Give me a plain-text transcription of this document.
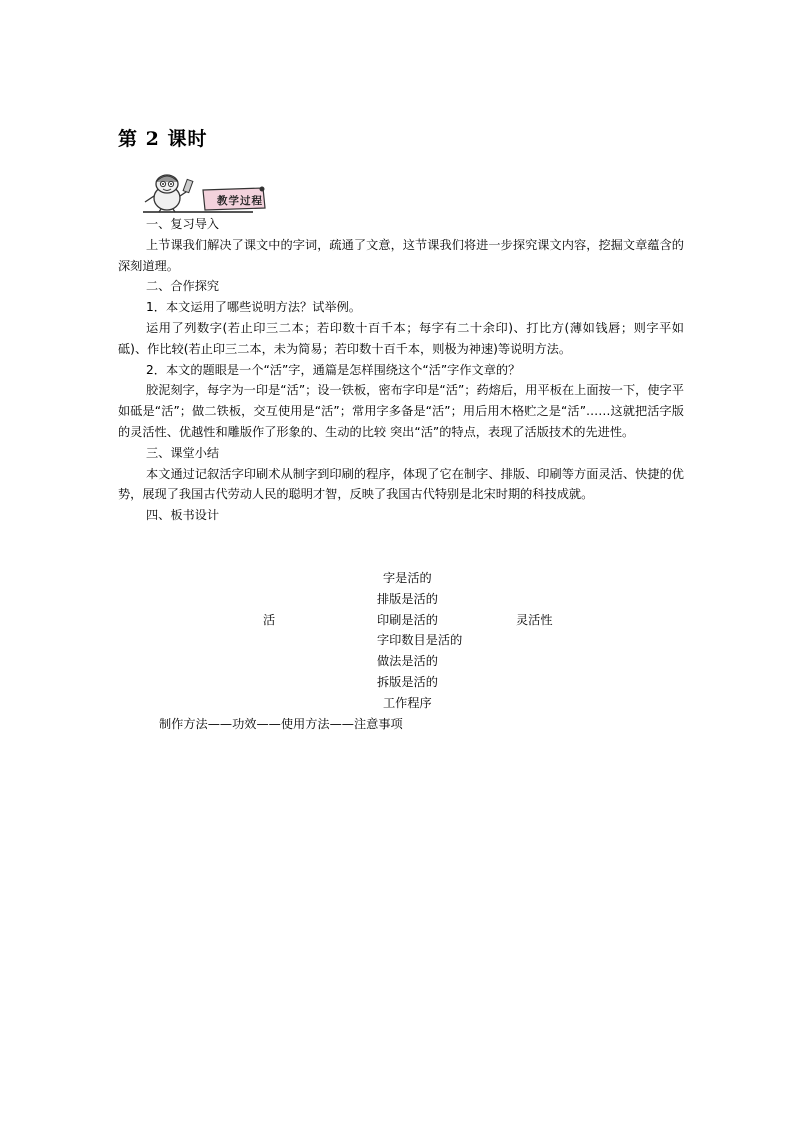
第 2 课时
教学过程

一、复习导入

上节课我们解决了课文中的字词，疏通了文意，这节课我们将进一步探究课文内容，挖掘文章蕴含的深刻道理。

二、合作探究

1．本文运用了哪些说明方法？试举例。

运用了列数字(若止印三二本；若印数十百千本；每字有二十余印)、打比方(薄如钱唇；则字平如砥)、作比较(若止印三二本，未为简易；若印数十百千本，则极为神速)等说明方法。

2．本文的题眼是一个“活”字，通篇是怎样围绕这个“活”字作文章的？

胶泥刻字，每字为一印是“活”；设一铁板，密布字印是“活”；药熔后，用平板在上面按一下，使字平如砥是“活”；做二铁板，交互使用是“活”；常用字多备是“活”；用后用木格贮之是“活”……这就把活字版的灵活性、优越性和雕版作了形象的、生动的比较 突出“活”的特点，表现了活版技术的先进性。

三、课堂小结

本文通过记叙活字印刷术从制字到印刷的程序，体现了它在制字、排版、印刷等方面灵活、快捷的优势，展现了我国古代劳动人民的聪明才智，反映了我国古代特别是北宋时期的科技成就。

四、板书设计

字是活的
排版是活的
活	印刷是活的	灵活性
字印数目是活的
做法是活的
拆版是活的
工作程序
制作方法——功效——使用方法——注意事项
